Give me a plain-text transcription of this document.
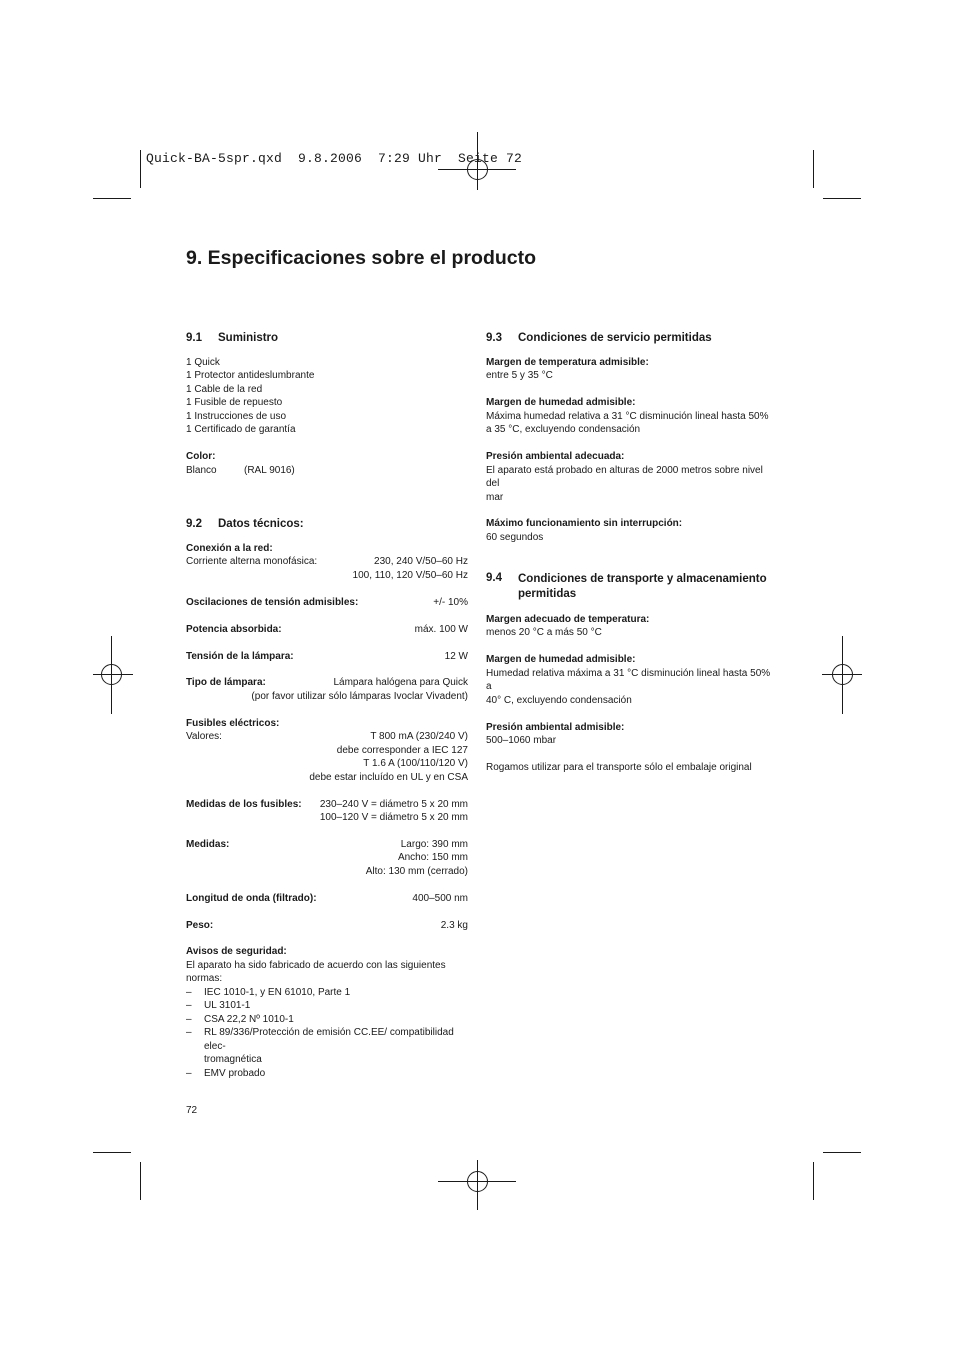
Quick-BA-5spr.qxd  9.8.2006  7:29 Uhr  Seite 72
9. Especificaciones sobre el producto
9.1 Suministro
1 Quick
1 Protector antideslumbrante
1 Cable de la red
1 Fusible de repuesto
1 Instrucciones de uso
1 Certificado de garantía
Color:
Blanco	(RAL 9016)
9.2 Datos técnicos:
Conexión a la red:
Corriente alterna monofásica:	230, 240 V/50–60 Hz
100, 110, 120 V/50–60 Hz
Oscilaciones de tensión admisibles:	+/- 10%
Potencia absorbida:	máx. 100 W
Tensión de la lámpara:	12 W
Tipo de lámpara:	Lámpara halógena para Quick
(por favor utilizar sólo lámparas Ivoclar Vivadent)
Fusibles eléctricos:
Valores:	T 800 mA (230/240 V)
debe corresponder a IEC 127
T 1.6 A (100/110/120 V)
debe estar incluído en UL y en CSA
Medidas de los fusibles: 230–240 V = diámetro 5 x 20 mm
100–120 V = diámetro 5 x 20 mm
Medidas:	Largo: 390 mm
Ancho: 150 mm
Alto: 130 mm (cerrado)
Longitud de onda (filtrado):	400–500 nm
Peso:	2.3 kg
Avisos de seguridad:
El aparato ha sido fabricado de acuerdo con las siguientes
normas:
–	IEC 1010-1, y EN 61010, Parte 1
–	UL 3101-1
–	CSA 22,2 Nº 1010-1
–	RL 89/336/Protección de emisión CC.EE/ compatibilidad elec-
tromagnética
–	EMV probado
9.3 Condiciones de servicio permitidas
Margen de temperatura admisible:
entre 5 y 35 °C
Margen de humedad admisible:
Máxima humedad relativa a 31 °C disminución lineal hasta 50%
a 35 °C, excluyendo condensación
Presión ambiental adecuada:
El aparato está probado en alturas de 2000 metros sobre nivel del
mar
Máximo funcionamiento sin interrupción:
60 segundos
9.4	Condiciones de transporte y almacenamiento
permitidas
Margen adecuado de temperatura:
menos 20 °C a más 50 °C
Margen de humedad admisible:
Humedad relativa máxima a 31 °C disminución lineal hasta 50% a
40° C, excluyendo condensación
Presión ambiental admisible:
500–1060 mbar
Rogamos utilizar para el transporte sólo el embalaje original
72
